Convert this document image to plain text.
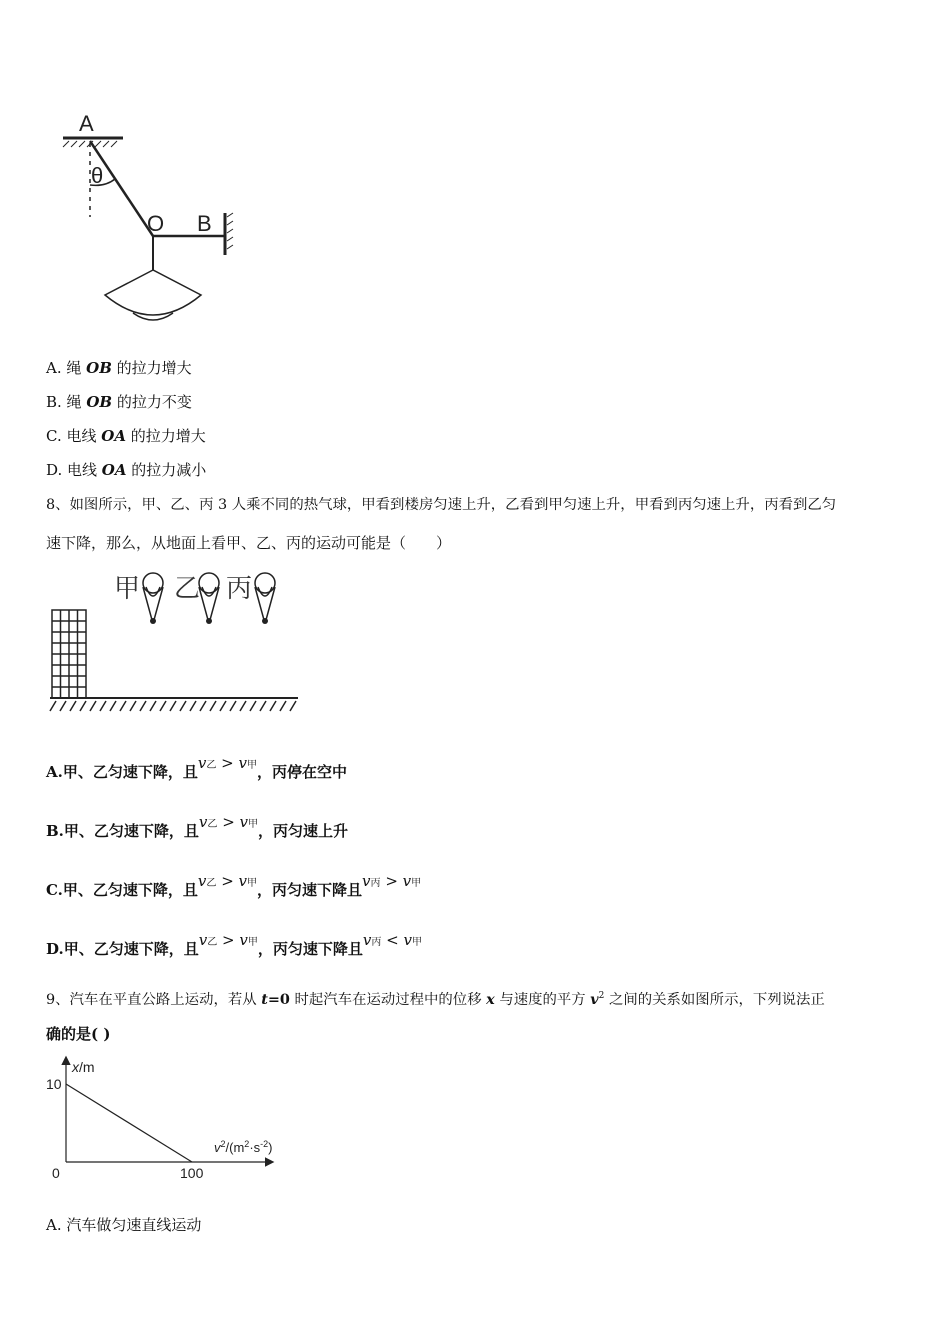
A
θ
O B
A. 绳 OB 的拉力增大
B. 绳 OB 的拉力不变
C. 电线 OA 的拉力增大
D. 电线 OA 的拉力减小
8、如图所示，甲、乙、丙 3 人乘不同的热气球，甲看到楼房匀速上升，乙看到甲匀速上升，甲看到丙匀速上升，丙看到乙匀
速下降，那么，从地面上看甲、乙、丙的运动可能是（　　）
甲 乙 丙
A.甲、乙匀速下降，且v乙 > v甲，丙停在空中
B.甲、乙匀速下降，且v乙 > v甲，丙匀速上升
C.甲、乙匀速下降，且v乙 > v甲，丙匀速下降且v丙 > v甲
D.甲、乙匀速下降，且v乙 > v甲，丙匀速下降且v丙 < v甲
9、汽车在平直公路上运动，若从 t=0 时起汽车在运动过程中的位移 x 与速度的平方 $v^2$ 之间的关系如图所示，下列说法正
确的是( )
x/m
$v^2/(m^2\cdot s^{-2})$
0
10
100
A. 汽车做匀速直线运动
